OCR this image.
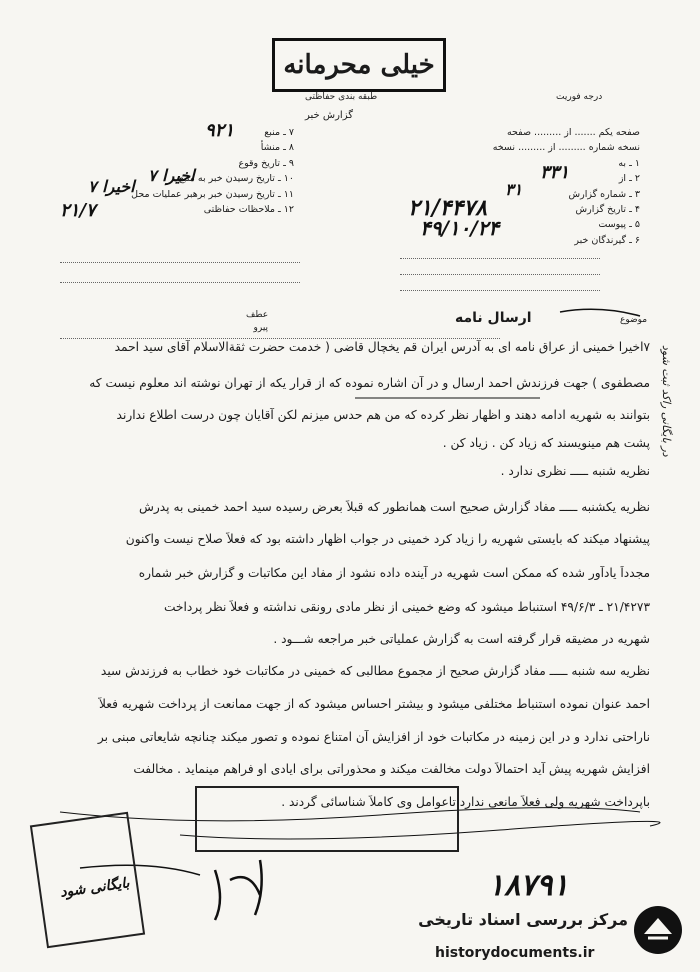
خیلی محرمانه
طبقه بندی حفاظتی	درجه فوریت
گزارش خبر
صفحه یکم ....... از ......... صفحه
نسخه شماره ......... از ......... نسخه
۱ ـ به
۲ ـ از
۳ ـ شماره گزارش
۴ ـ تاریخ گزارش
۵ ـ پیوست
۶ ـ گیرندگان خبر
۷ ـ منبع
۸ ـ منشأ
۹ ـ تاریخ وقوع
۱۰ ـ تاریخ رسیدن خبر به منبع
۱۱ ـ تاریخ رسیدن خبر برهبر عملیات محل
۱۲ ـ ملاحظات حفاظتی
۹۲۱
۷ اخیرا
۷ اخیرا
۲۱/۷
۳۳۱
۳۱
۲۱/۴۴۷۸
۴۹/۱۰/۲۴
موضوع
ارسال نامه
عطف
پیرو
۷اخیرا خمینی از عراق نامه ای به آدرس ایران قم یخچال قاضی ( خدمت حضرت ثقةالاسلام آقای سید احمد
مصطفوی ) جهت فرزندش احمد ارسال و در آن اشاره نموده که از قرار یکه از تهران نوشته اند معلوم نیست که
بتوانند به شهریه ادامه دهند و اظهار نظر کرده که من هم حدس میزنم لکن آقایان چون درست اطلاع ندارند
پشت هم مینویسند که زیاد کن . زیاد کن .
نظریه شنبه ـــــ نظری ندارد .
نظریه یکشنبه ـــــ مفاد گزارش صحیح است همانطور که قبلاً بعرض رسیده سید احمد خمینی به پدرش
پیشنهاد میکند که بایستی شهریه را زیاد کرد خمینی در جواب اظهار داشته بود که فعلاً صلاح نیست واکنون
مجدداً یادآور شده که ممکن است شهریه در آینده داده نشود از مفاد این مکاتبات و گزارش خبر شماره
۲۱/۴۲۷۳ ـ ۴۹/۶/۳ استنباط میشود که وضع خمینی از نظر مادی رونقی نداشته و فعلاً نظر پرداخت
شهریه در مضیقه قرار گرفته است به گزارش عملیاتی خبر مراجعه شـــود .
نظریه سه شنبه ـــــ مفاد گزارش صحیح از مجموع مطالبی که خمینی در مکاتبات خود خطاب به فرزندش سید
احمد عنوان نموده استنباط مختلفی میشود و بیشتر احساس میشود که از جهت ممانعت از پرداخت شهریه فعلاً
ناراحتی ندارد و در این زمینه در مکاتبات خود از افزایش آن امتناع نموده و تصور میکند چنانچه شایعاتی مبنی بر
افزایش شهریه پیش آید احتمالاً دولت مخالفت میکند و محذوراتی برای ایادی او فراهم مینماید . مخالفت
باپرداخت شهریه ولی فعلاً مانعی ندارد تاعوامل وی کاملاً شناسائی گردند .
در بایگانی راکد ثبت شود
بایگانی شود	۱۸۷۹۱
مرکز بررسی اسناد تاریخی
historydocuments.ir
